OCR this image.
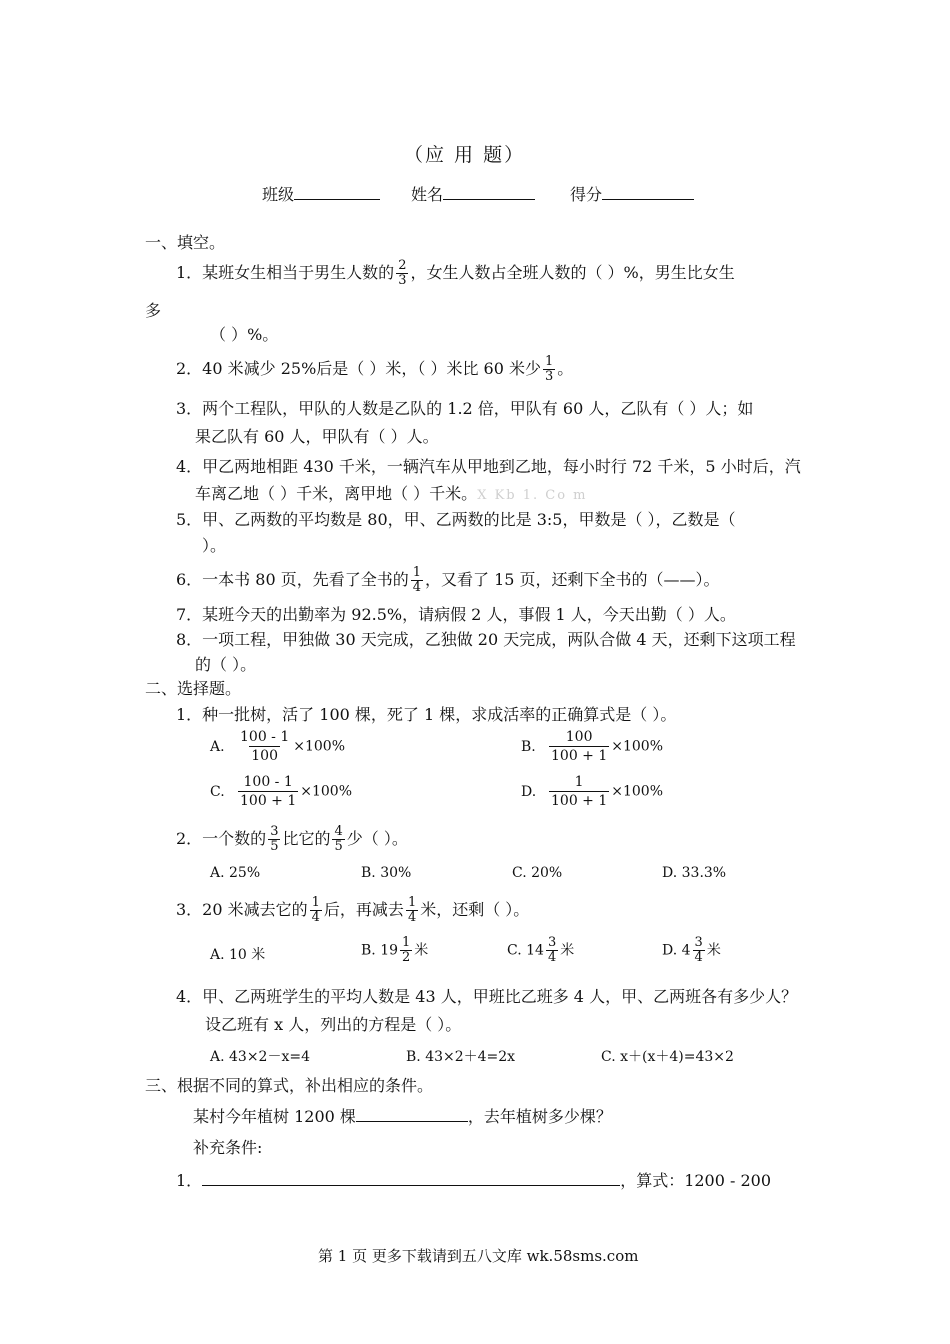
（应 用 题）
班级	姓名	得分
一、填空。
1．某班女生相当于男生人数的 $\frac{2}{3}$ ，女生人数占全班人数的（ ）%，男生比女生
多
（ ）%。
2．40 米减少 25%后是（ ）米，（ ）米比 60 米少 $\frac{1}{3}$ 。
3．两个工程队，甲队的人数是乙队的 1.2 倍，甲队有 60 人，乙队有（ ）人；如
果乙队有 60 人，甲队有（ ）人。
4．甲乙两地相距 430 千米，一辆汽车从甲地到乙地，每小时行 72 千米，5 小时后，汽
车离乙地（ ）千米，离甲地（ ）千米。X Kb 1. Co m
5．甲、乙两数的平均数是 80，甲、乙两数的比是 3:5，甲数是（ ），乙数是（
）。
6．一本书 80 页，先看了全书的 $\frac{1}{4}$ ，又看了 15 页，还剩下全书的（——）。
7．某班今天的出勤率为 92.5%，请病假 2 人，事假 1 人，今天出勤（ ）人。
8．一项工程，甲独做 30 天完成，乙独做 20 天完成，两队合做 4 天，还剩下这项工程
的（ ）。
二、选择题。
1．种一批树，活了 100 棵，死了 1 棵，求成活率的正确算式是（ ）。
A. $\frac{100 - 1}{100} \times 100\%$	B. $\frac{100}{100 + 1} \times 100\%$
C. $\frac{100 - 1}{100 + 1} \times 100\%$	D. $\frac{1}{100 + 1} \times 100\%$
2．一个数的 $\frac{3}{5}$ 比它的 $\frac{4}{5}$ 少（ ）。
A. 25%	B. 30%	C. 20%	D. 33.3%
3．20 米减去它的 $\frac{1}{4}$ 后，再减去 $\frac{1}{4}$ 米，还剩（ ）。
A. 10 米	B. $19 \frac{1}{2}$ 米	C. $14 \frac{3}{4}$ 米	D. $4 \frac{3}{4}$ 米
4．甲、乙两班学生的平均人数是 43 人，甲班比乙班多 4 人，甲、乙两班各有多少人？
设乙班有 x 人，列出的方程是（ ）。
A. 43×2－x=4	B. 43×2＋4=2x	C. x＋(x＋4)=43×2
三、根据不同的算式，补出相应的条件。
某村今年植树 1200 棵	，去年植树多少棵？
补充条件:
1．	，算式：1200 - 200
第 1 页 更多下载请到五八文库 wk.58sms.com
